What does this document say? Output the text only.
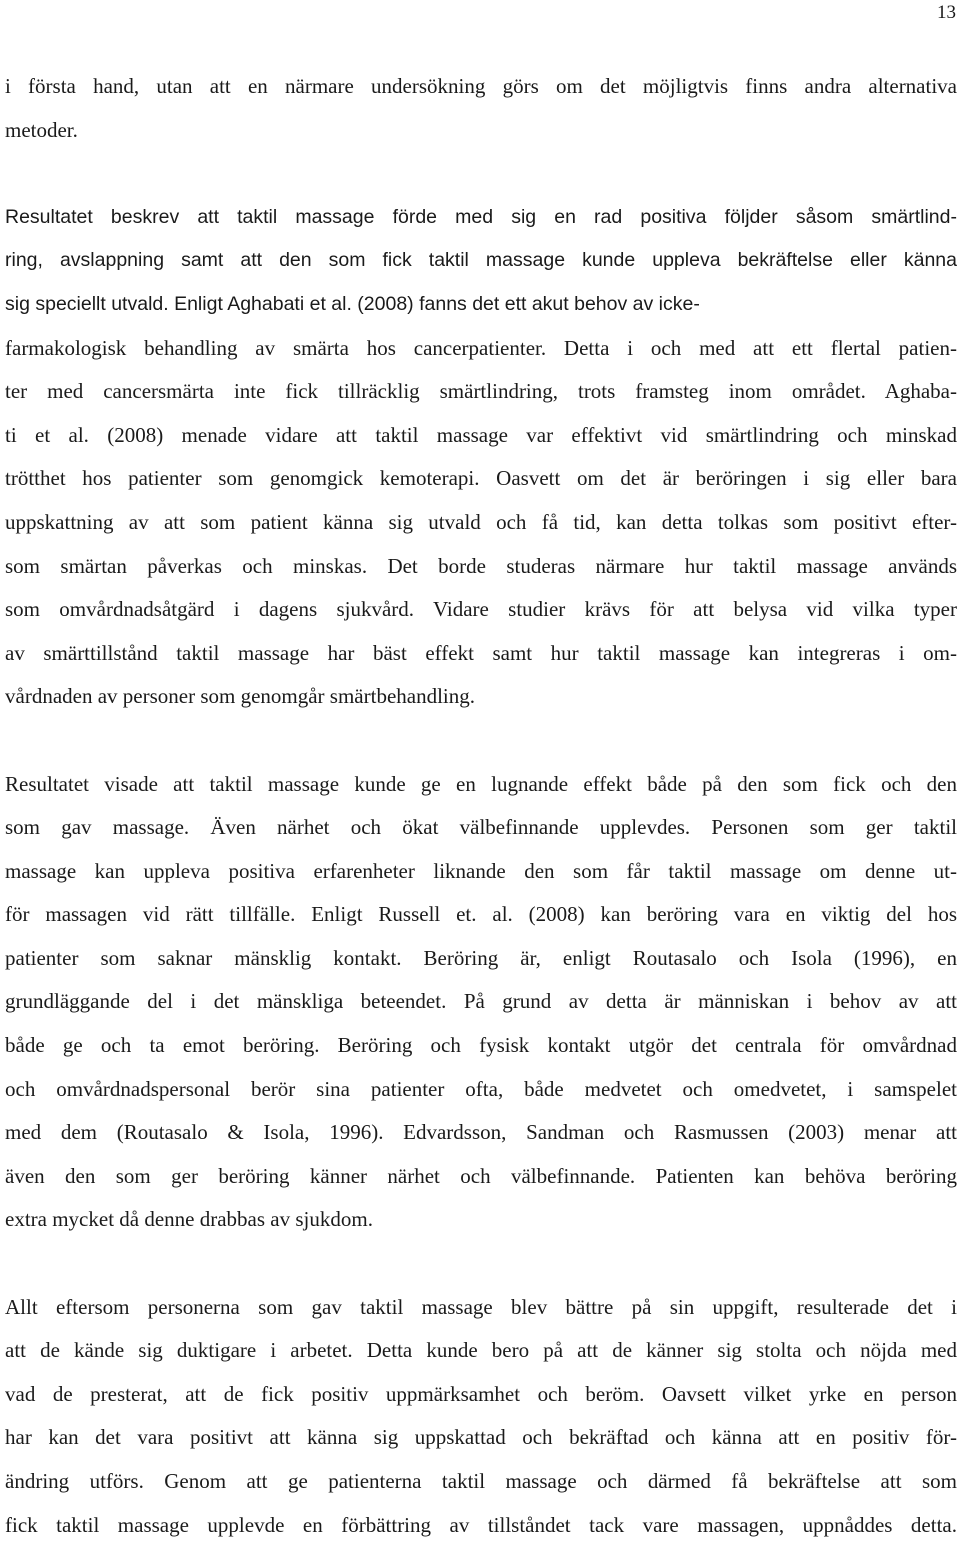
13
i första hand, utan att en närmare undersökning görs om det möjligtvis finns andra alternativa
metoder.
Resultatet beskrev att taktil massage förde med sig en rad positiva följder såsom smärtlind-
ring, avslappning samt att den som fick taktil massage kunde uppleva bekräftelse eller känna
sig speciellt utvald. Enligt Aghabati et al. (2008) fanns det ett akut behov av icke-
farmakologisk behandling av smärta hos cancerpatienter. Detta i och med att ett flertal patien-
ter med cancersmärta inte fick tillräcklig smärtlindring, trots framsteg inom området. Aghaba-
ti et al. (2008) menade vidare att taktil massage var effektivt vid smärtlindring och minskad
trötthet hos patienter som genomgick kemoterapi. Oasvett om det är beröringen i sig eller bara
uppskattning av att som patient känna sig utvald och få tid, kan detta tolkas som positivt efter-
som smärtan påverkas och minskas. Det borde studeras närmare hur taktil massage används
som omvårdnadsåtgärd i dagens sjukvård. Vidare studier krävs för att belysa vid vilka typer
av smärttillstånd taktil massage har bäst effekt samt hur taktil massage kan integreras i om-
vårdnaden av personer som genomgår smärtbehandling.
Resultatet visade att taktil massage kunde ge en lugnande effekt både på den som fick och den
som gav massage. Även närhet och ökat välbefinnande upplevdes. Personen som ger taktil
massage kan uppleva positiva erfarenheter liknande den som får taktil massage om denne ut-
för massagen vid rätt tillfälle. Enligt Russell et. al. (2008) kan beröring vara en viktig del hos
patienter som saknar mänsklig kontakt. Beröring är, enligt Routasalo och Isola (1996), en
grundläggande del i det mänskliga beteendet. På grund av detta är människan i behov av att
både ge och ta emot beröring. Beröring och fysisk kontakt utgör det centrala för omvårdnad
och omvårdnadspersonal berör sina patienter ofta, både medvetet och omedvetet, i samspelet
med dem (Routasalo & Isola, 1996). Edvardsson, Sandman och Rasmussen (2003) menar att
även den som ger beröring känner närhet och välbefinnande. Patienten kan behöva beröring
extra mycket då denne drabbas av sjukdom.
Allt eftersom personerna som gav taktil massage blev bättre på sin uppgift, resulterade det i
att de kände sig duktigare i arbetet. Detta kunde bero på att de känner sig stolta och nöjda med
vad de presterat, att de fick positiv uppmärksamhet och beröm. Oavsett vilket yrke en person
har kan det vara positivt att känna sig uppskattad och bekräftad och känna att en positiv för-
ändring utförs. Genom att ge patienterna taktil massage och därmed få bekräftelse att som
fick taktil massage upplevde en förbättring av tillståndet tack vare massagen, uppnåddes detta.
